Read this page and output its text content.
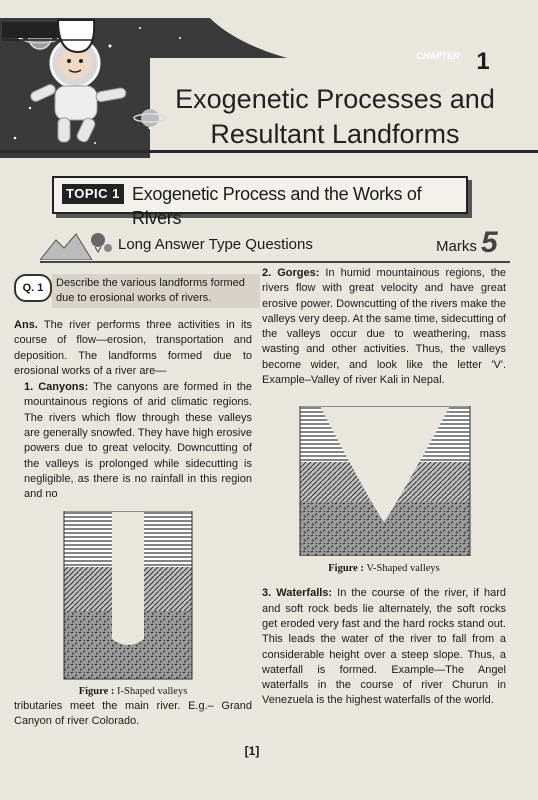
CHAPTER 1
Exogenetic Processes and
Resultant Landforms
TOPIC 1 Exogenetic Process and the Works of Rivers
Long Answer Type Questions	Marks 5
Q. 1	Describe the various landforms formed due to erosional works of rivers.

Ans. The river performs three activities in its course of flow—erosion, transportation and deposition. The landforms formed due to erosional works of a river are—

1. Canyons: The canyons are formed in the mountainous regions of arid climatic regions. The rivers which flow through these valleys are generally snowfed. They have high erosive powers due to great velocity. Downcutting of the valleys is prolonged while sidecutting is negligible, as there is no rainfall in this region and no

Figure : I-Shaped valleys

tributaries meet the main river. E.g.– Grand Canyon of river Colorado.

2. Gorges: In humid mountainous regions, the rivers flow with great velocity and have great erosive power. Downcutting of the rivers make the valleys very deep. At the same time, sidecutting of the valleys occur due to weathering, mass wasting and other activities. Thus, the valleys become wider, and look like the letter 'V'. Example–Valley of river Kali in Nepal.

Figure : V-Shaped valleys

3. Waterfalls: In the course of the river, if hard and soft rock beds lie alternately, the soft rocks get eroded very fast and the hard rocks stand out. This leads the water of the river to fall from a considerable height over a steep slope. Thus, a waterfall is formed. Example—The Angel waterfalls in the course of river Churun in Venezuela is the highest waterfalls of the world.

[1]
